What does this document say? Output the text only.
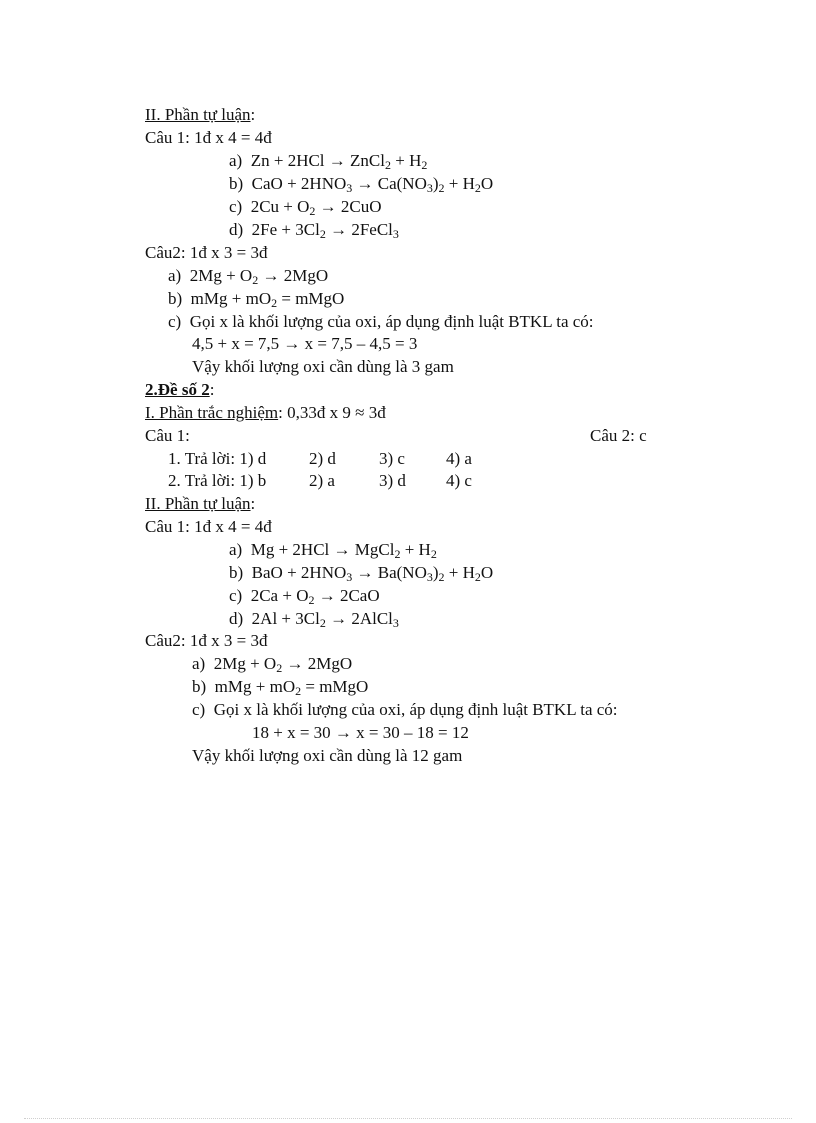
II. Phần tự luận:
Câu 1: 1đ x 4 = 4đ
a) Zn + 2HCl → ZnCl$_2$ + $H_2$
b) CaO + $2HNO_3 \to Ca(NO_3)_2 + H_2O$
c) $2Cu + O_2 \to 2CuO$
d) $2Fe + 3Cl_2$ → 2FeCl$_3$
Câu2: 1đ x 3 = 3đ
a) $2Mg + O_2 \to 2MgO$
b) mMg + $mO_2$ = mMgO
c) Gọi x là khối lượng của oxi, áp dụng định luật BTKL ta có:
4,5 + x = 7,5 → x = 7,5 – 4,5 = 3
Vậy khối lượng oxi cần dùng là 3 gam
2.Đề số 2:
I. Phần trắc nghiệm: 0,33đ x 9 ≈ 3đ
Câu 1:	Câu 2: c
1. Trả lời: 1) d	2) d	3) c 4) a
2. Trả lời: 1) b	2) a	3) d 4) c
II. Phần tự luận:
Câu 1: 1đ x 4 = 4đ
a) Mg + 2HCl → MgCl$_2$ + $H_2$
b) BaO + $2HNO_3 \to Ba(NO_3)_2 + H_2O$
c) $2Ca + O_2 \to 2CaO$
d) $2Al + 3Cl_2$ → 2AlCl$_3$
Câu2: 1đ x 3 = 3đ
a) $2Mg + O_2 \to 2MgO$
b) mMg + $mO_2$ = mMgO
c) Gọi x là khối lượng của oxi, áp dụng định luật BTKL ta có:
18 + x = 30 → x = 30 – 18 = 12
Vậy khối lượng oxi cần dùng là 12 gam
